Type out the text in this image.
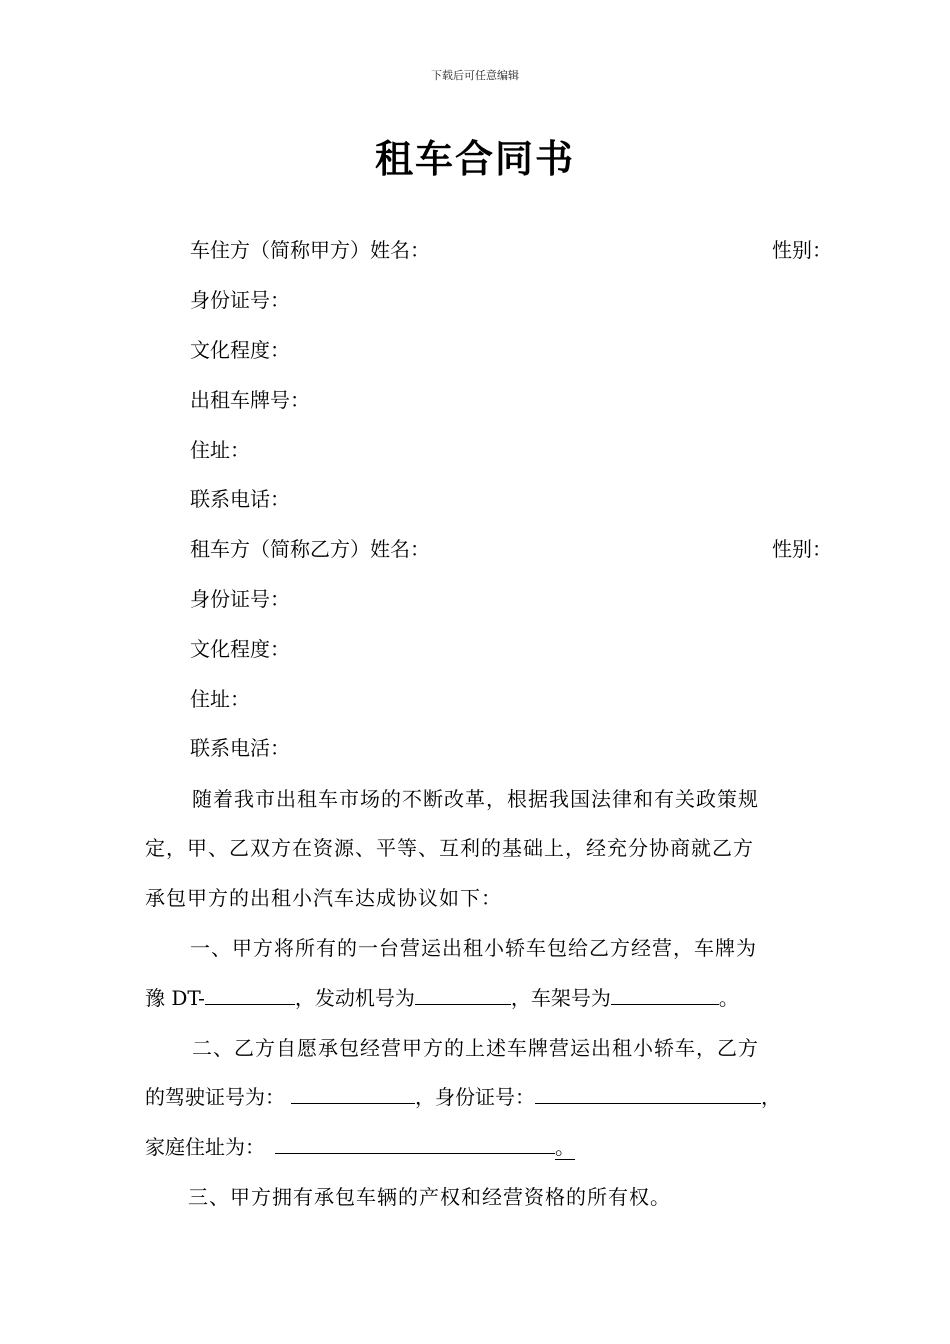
下载后可任意编辑
租车合同书
车住方（简称甲方）姓名：	性别：
身份证号：
文化程度：
出租车牌号：
住址：
联系电话：
租车方（简称乙方）姓名：	性别：
身份证号：
文化程度：
住址：
联系电活：
随着我市出租车市场的不断改革，根据我国法律和有关政策规
定，甲、乙双方在资源、平等、互利的基础上，经充分协商就乙方
承包甲方的出租小汽车达成协议如下：
一、甲方将所有的一台营运出租小轿车包给乙方经营，车牌为
豫 DT-	，发动机号为	，车架号为	。
二、乙方自愿承包经营甲方的上述车牌营运出租小轿车，乙方
的驾驶证号为：	，身份证号：	，
家庭住址为：	。
三、甲方拥有承包车辆的产权和经营资格的所有权。
